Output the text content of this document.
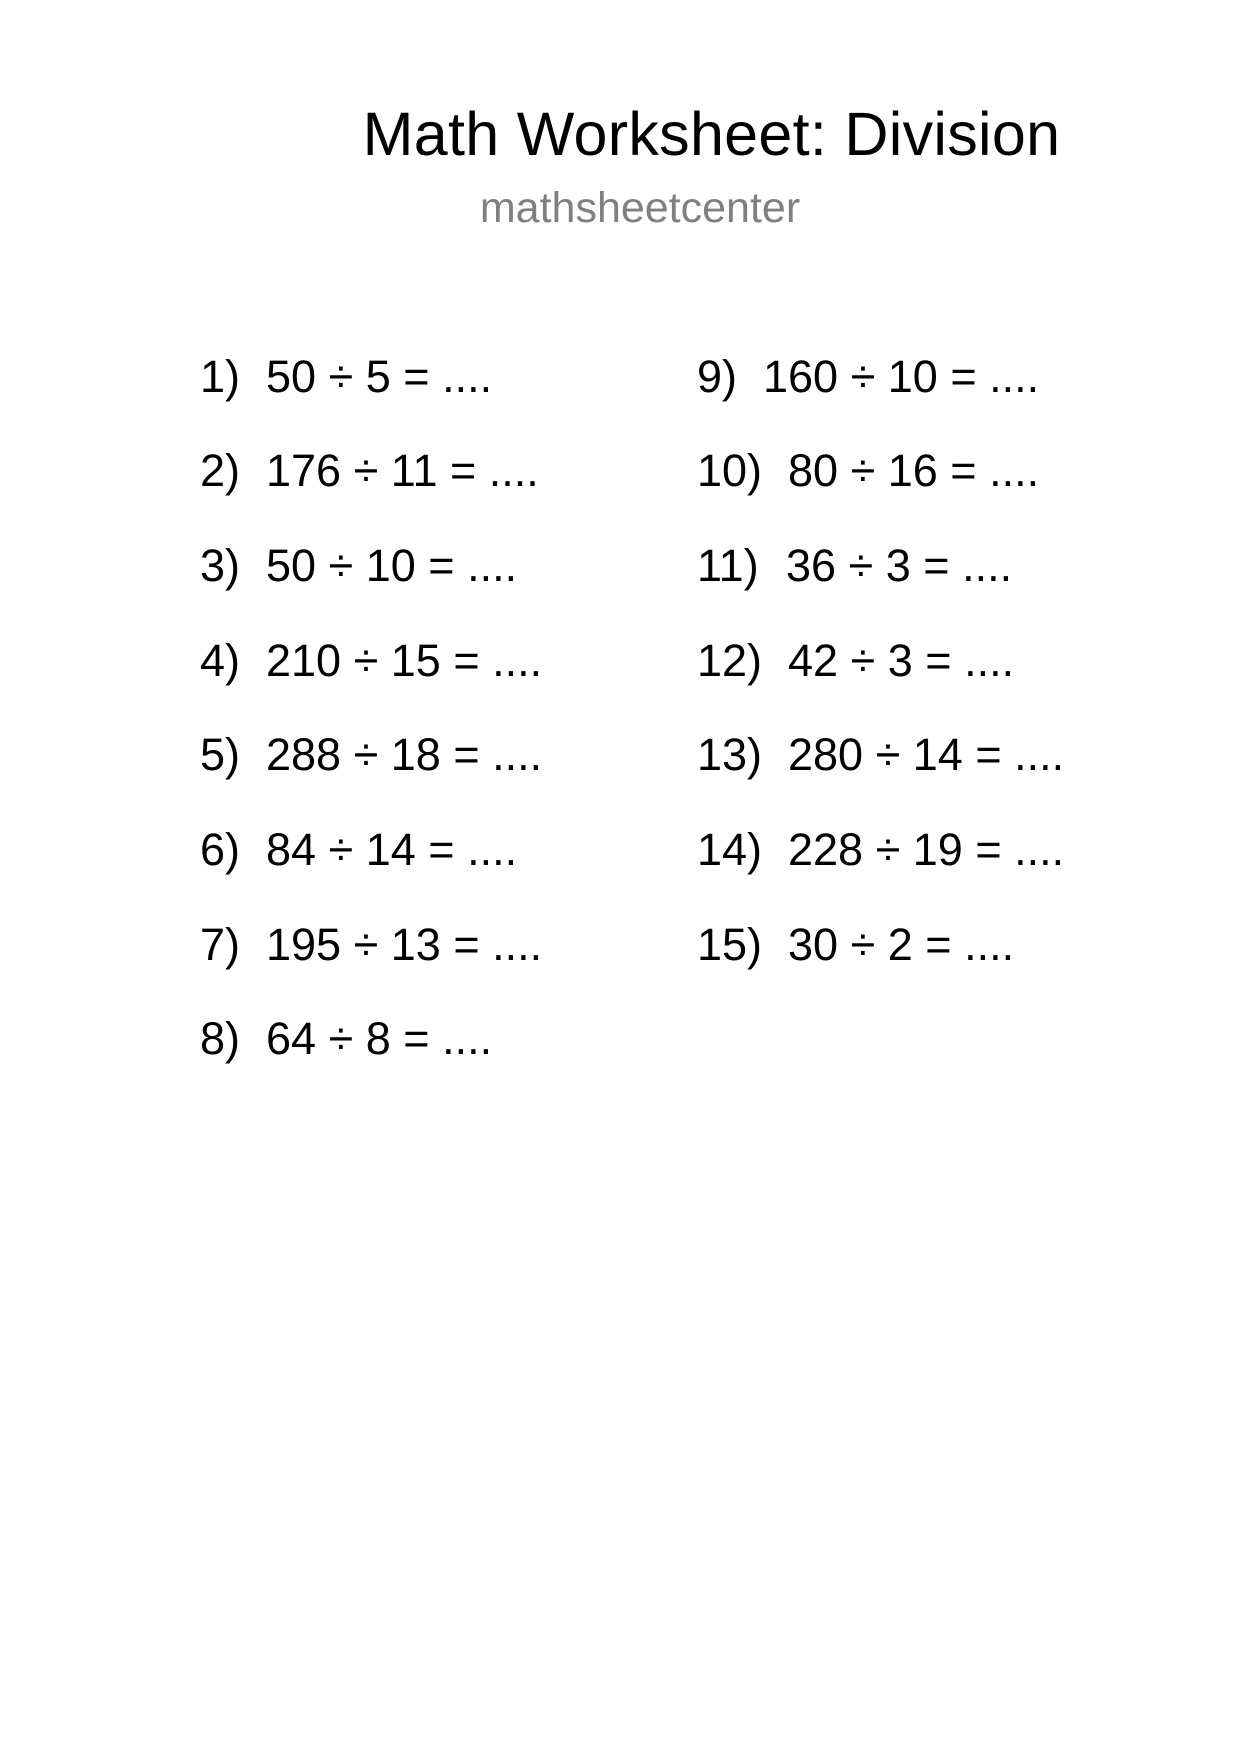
Math Worksheet: Division
mathsheetcenter
1) 50 ÷ 5 = ....
2) 176 ÷ 11 = ....
3) 50 ÷ 10 = ....
4) 210 ÷ 15 = ....
5) 288 ÷ 18 = ....
6) 84 ÷ 14 = ....
7) 195 ÷ 13 = ....
8) 64 ÷ 8 = ....
9) 160 ÷ 10 = ....
10) 80 ÷ 16 = ....
11) 36 ÷ 3 = ....
12) 42 ÷ 3 = ....
13) 280 ÷ 14 = ....
14) 228 ÷ 19 = ....
15) 30 ÷ 2 = ....
